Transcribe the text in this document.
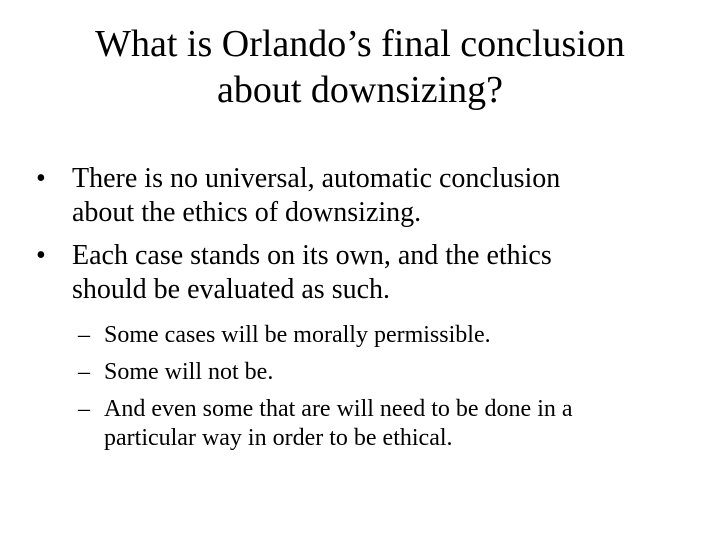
What is Orlando’s final conclusion
about downsizing?
• There is no universal, automatic conclusion
about the ethics of downsizing.
• Each case stands on its own, and the ethics
should be evaluated as such.
– Some cases will be morally permissible.
– Some will not be.
– And even some that are will need to be done in a
particular way in order to be ethical.
